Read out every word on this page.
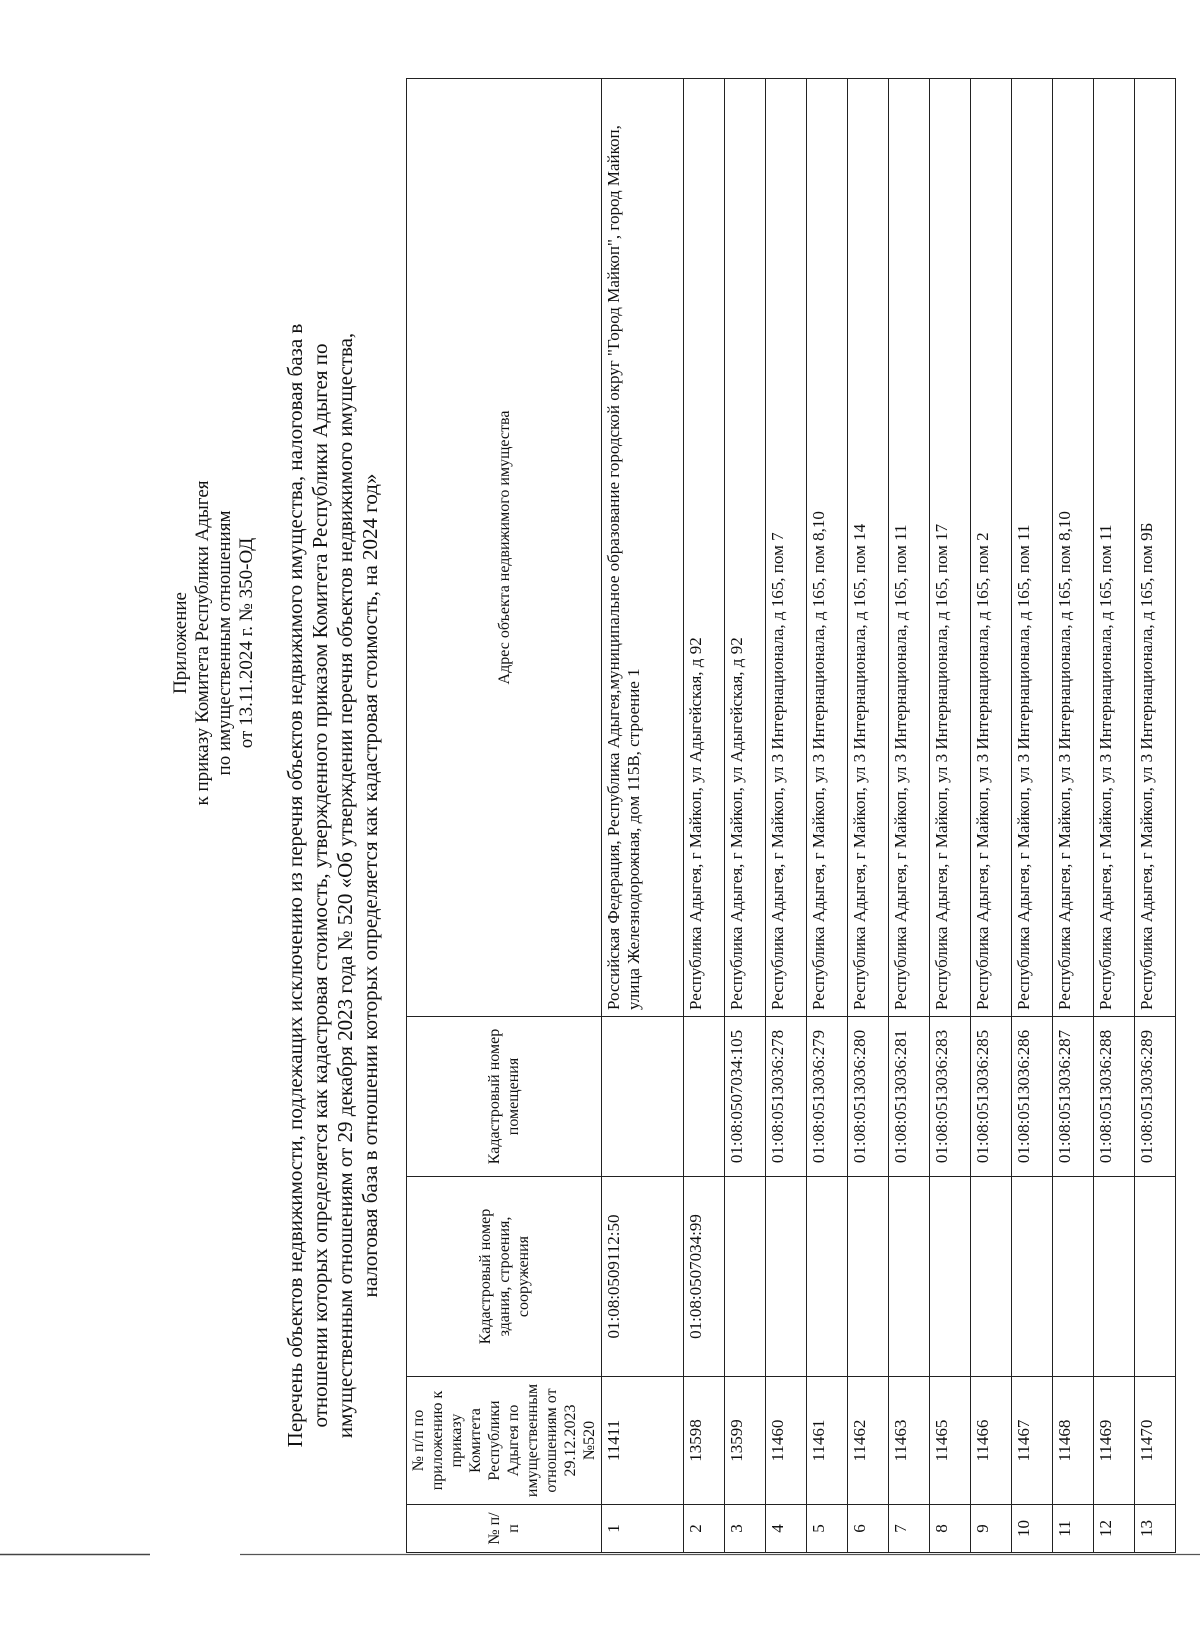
Приложение к приказу Комитета Республики Адыгея по имущественным отношениям от 13.11.2024 г. № 350-ОД Перечень объектов недвижимости, подлежащих исключению из перечня объектов недвижимого имущества, налоговая база в отношении которых определяется как кадастровая стоимость, утвержденного приказом Комитета Республики Адыгея по имущественным отношениям от 29 декабря 2023 года № 520 «Об утверждении перечня объектов недвижимого имущества, налоговая база в отношении которых определяется как кадастровая стоимость, на 2024 год»
№ п/п	№ п/п по приложению к приказу Комитета Республики Адыгея по имущественным отношениям от 29.12.2023 №520	Кадастровый номер здания, строения, сооружения	Кадастровый номер помещения	Адрес объекта недвижимого имущества
1	11411	01:08:0509112:50		Российская Федерация, Республика Адыгея,муниципальное образование городской округ "Город Майкоп", город Майкоп, улица Железнодорожная, дом 115В, строение 1
2	13598	01:08:0507034:99		Республика Адыгея, г Майкоп, ул Адыгейская, д 92
3	13599		01:08:0507034:105	Республика Адыгея, г Майкоп, ул Адыгейская, д 92
4	11460		01:08:0513036:278	Республика Адыгея, г Майкоп, ул 3 Интернационала, д 165, пом 7
5	11461		01:08:0513036:279	Республика Адыгея, г Майкоп, ул 3 Интернационала, д 165, пом 8,10
6	11462		01:08:0513036:280	Республика Адыгея, г Майкоп, ул 3 Интернационала, д 165, пом 14
7	11463		01:08:0513036:281	Республика Адыгея, г Майкоп, ул 3 Интернационала, д 165, пом 11
8	11465		01:08:0513036:283	Республика Адыгея, г Майкоп, ул 3 Интернационала, д 165, пом 17
9	11466		01:08:0513036:285	Республика Адыгея, г Майкоп, ул 3 Интернационала, д 165, пом 2
10	11467		01:08:0513036:286	Республика Адыгея, г Майкоп, ул 3 Интернационала, д 165, пом 11
11	11468		01:08:0513036:287	Республика Адыгея, г Майкоп, ул 3 Интернационала, д 165, пом 8,10
12	11469		01:08:0513036:288	Республика Адыгея, г Майкоп, ул 3 Интернационала, д 165, пом 11
13	11470		01:08:0513036:289	Республика Адыгея, г Майкоп, ул 3 Интернационала, д 165, пом 9Б
